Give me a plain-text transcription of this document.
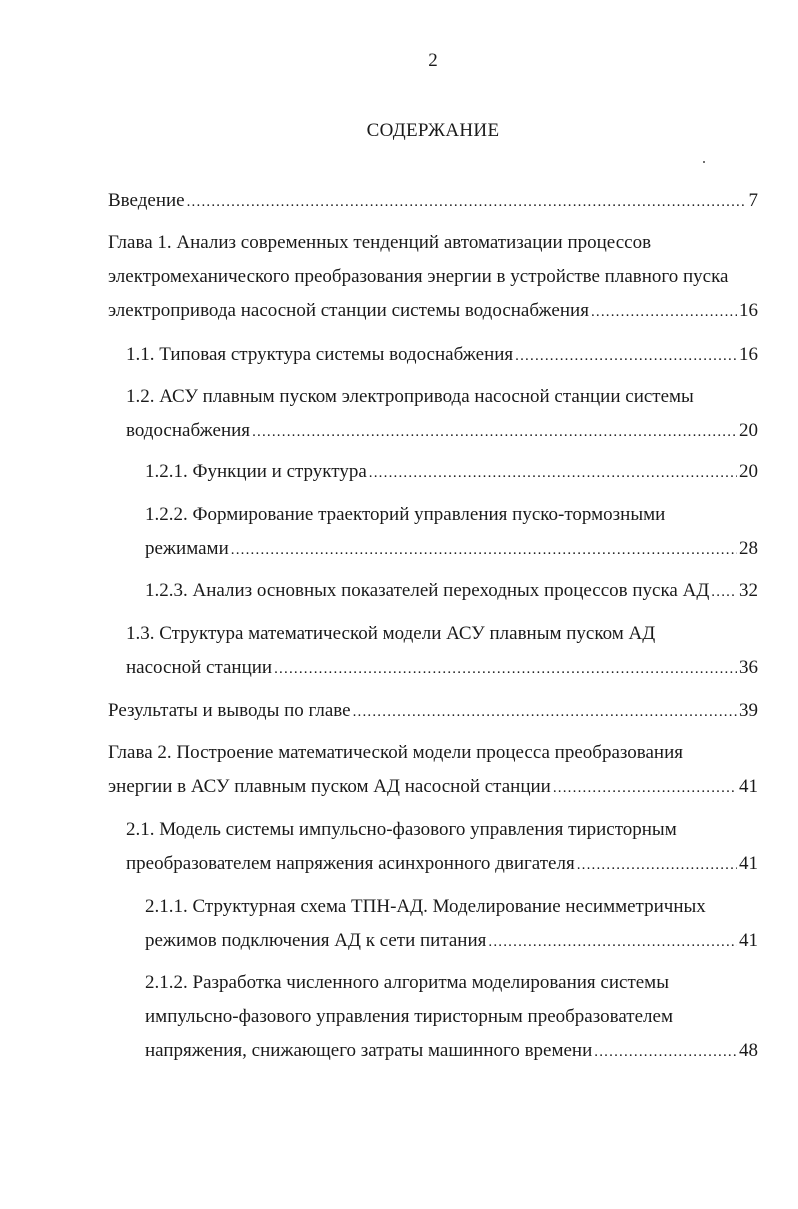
2
СОДЕРЖАНИЕ
Введение .....	7
Глава 1. Анализ современных тенденций автоматизации процессов
электромеханического преобразования энергии в устройстве плавного пуска
электропривода насосной станции системы водоснабжения .....	16
1.1. Типовая структура системы водоснабжения .....	16
1.2. АСУ плавным пуском электропривода насосной станции системы
водоснабжения .....	20
1.2.1. Функции и структура .....	20
1.2.2. Формирование траекторий управления пуско-тормозными
режимами .....	28
1.2.3. Анализ основных показателей переходных процессов пуска АД ..... 32
1.3. Структура математической модели АСУ плавным пуском АД
насосной станции .....	36
Результаты и выводы по главе .....	39
Глава 2. Построение математической модели процесса преобразования
энергии в АСУ плавным пуском АД насосной станции .....	41
2.1. Модель системы импульсно-фазового управления тиристорным
преобразователем напряжения асинхронного двигателя .....	41
2.1.1. Структурная схема ТПН-АД. Моделирование несимметричных
режимов подключения АД к сети питания .....	41
2.1.2. Разработка численного алгоритма моделирования системы
импульсно-фазового управления тиристорным преобразователем
напряжения, снижающего затраты машинного времени .....	48
